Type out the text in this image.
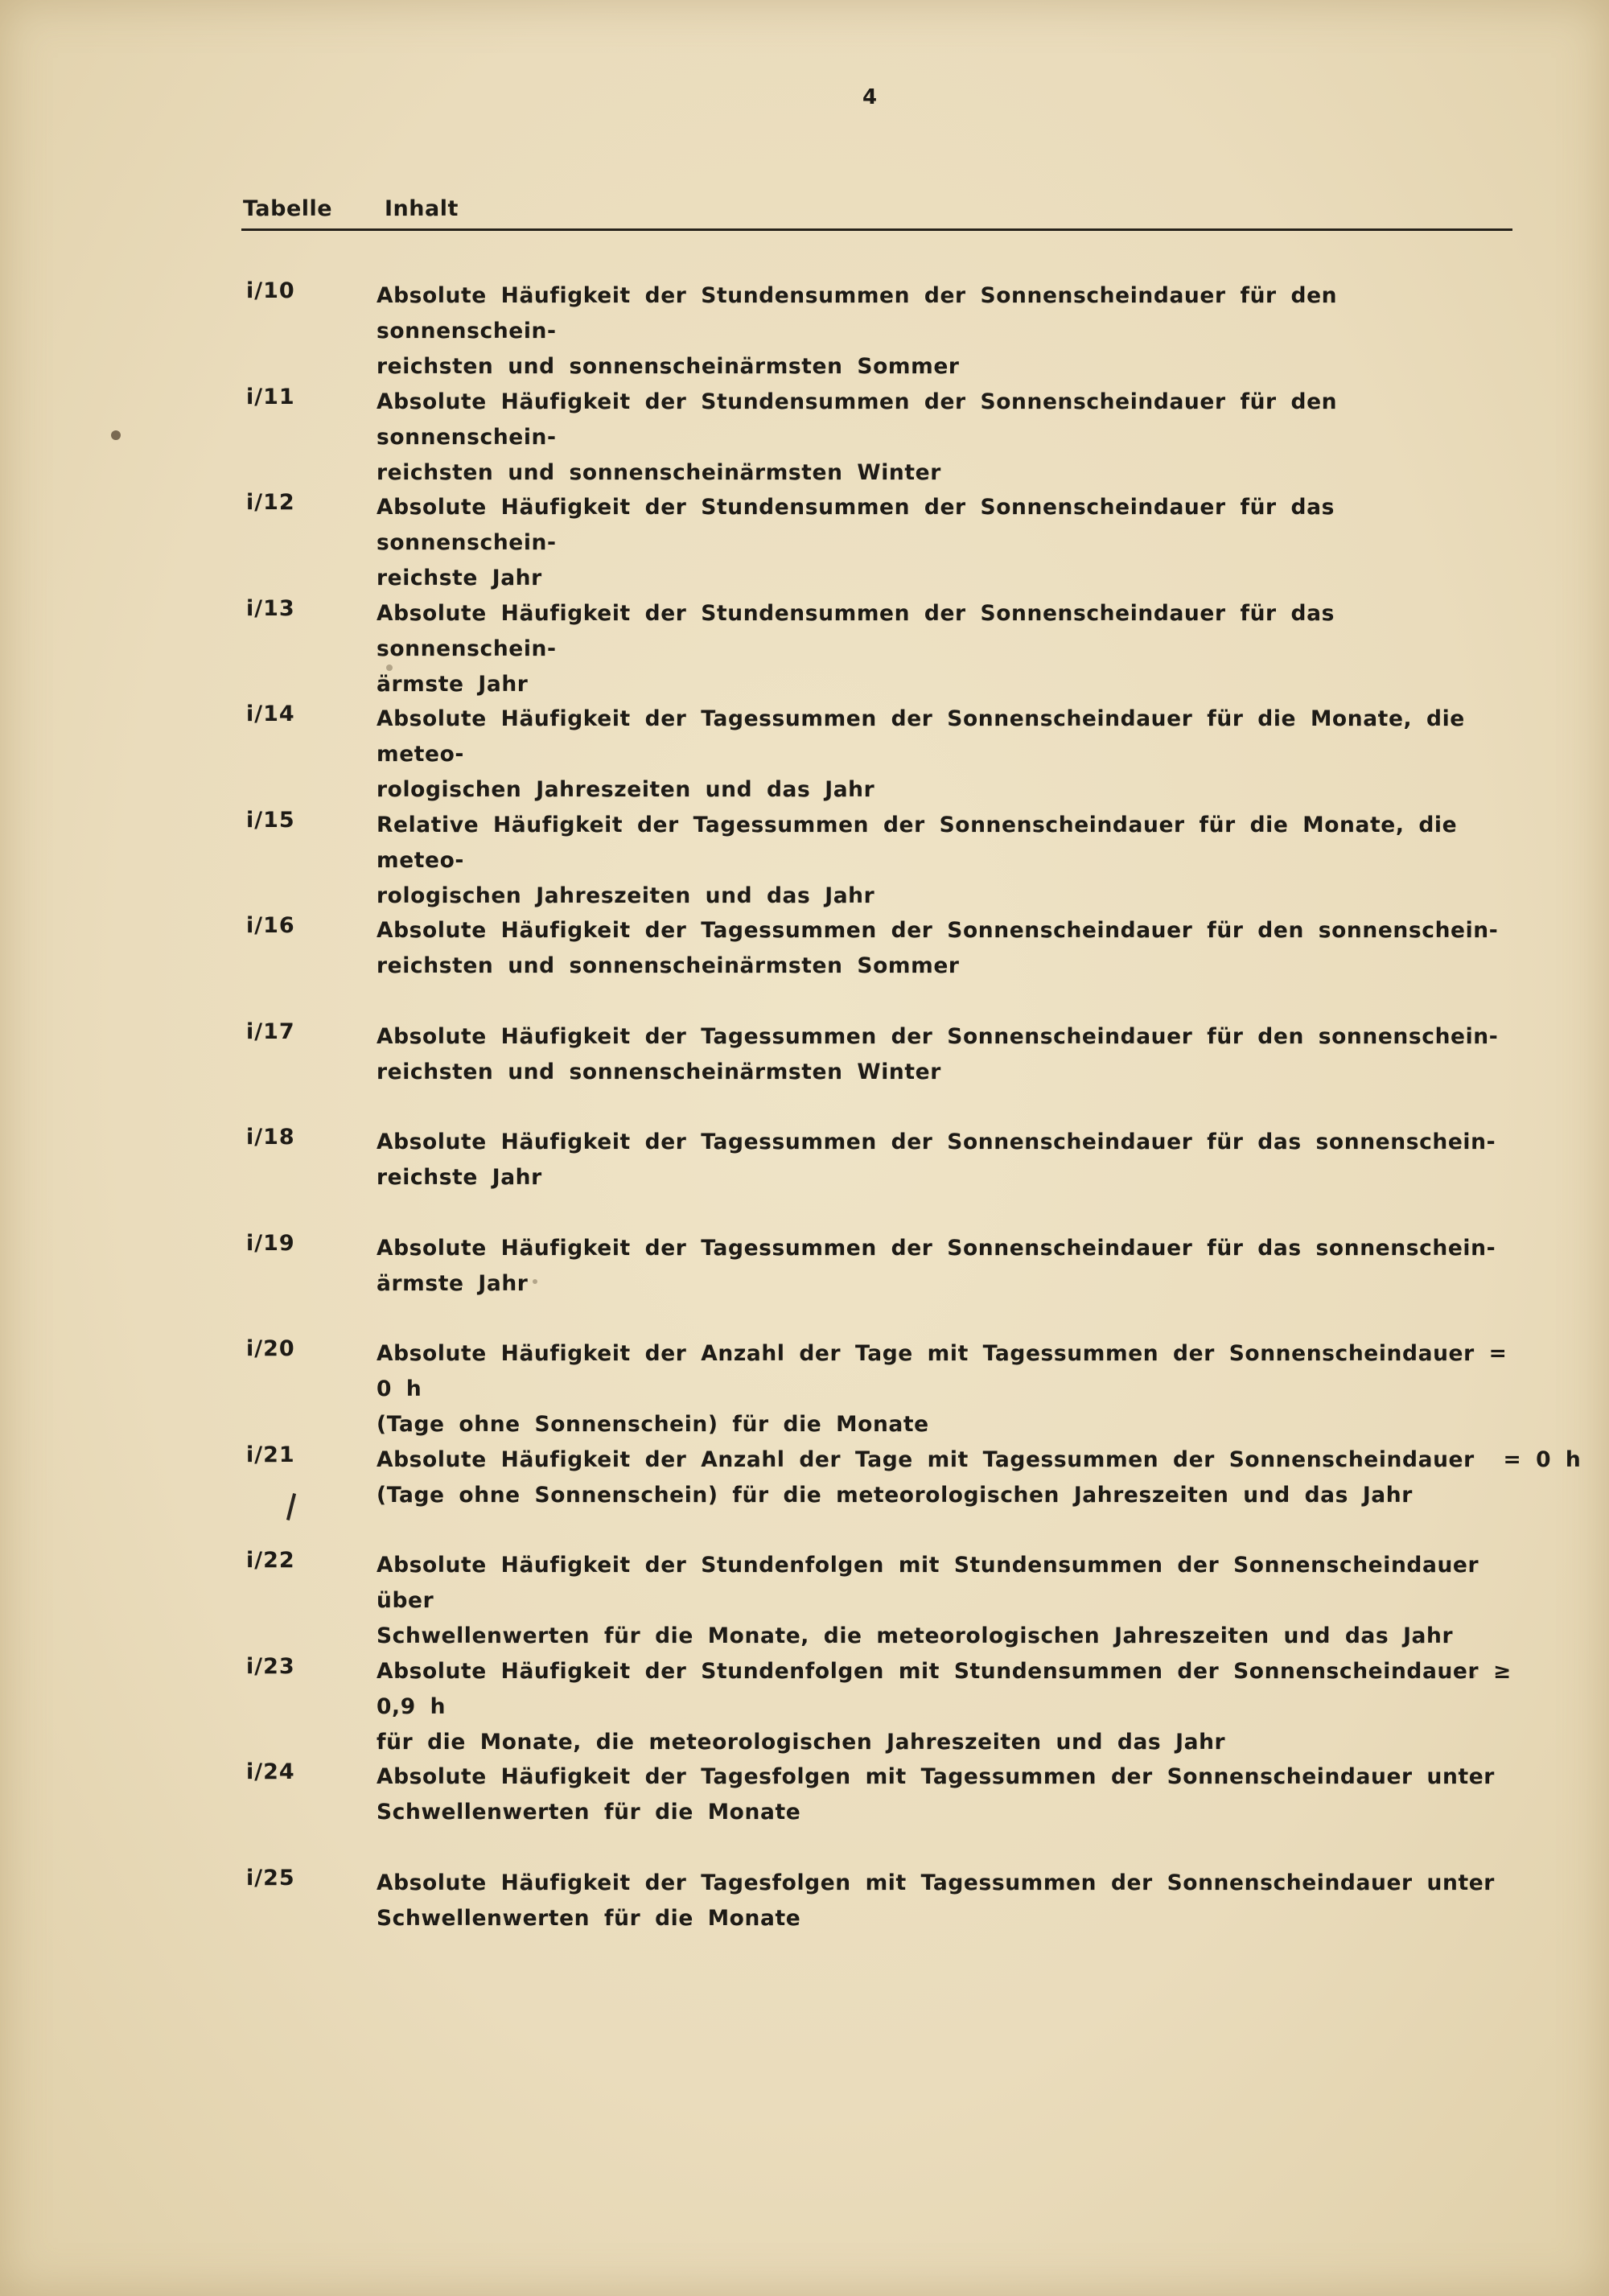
4
Tabelle Inhalt
i/10	Absolute Häufigkeit der Stundensummen der Sonnenscheindauer für den sonnenschein-
reichsten und sonnenscheinärmsten Sommer
i/11	Absolute Häufigkeit der Stundensummen der Sonnenscheindauer für den sonnenschein-
reichsten und sonnenscheinärmsten Winter
i/12	Absolute Häufigkeit der Stundensummen der Sonnenscheindauer für das sonnenschein-
reichste Jahr
i/13	Absolute Häufigkeit der Stundensummen der Sonnenscheindauer für das sonnenschein-
ärmste Jahr
i/14	Absolute Häufigkeit der Tagessummen der Sonnenscheindauer für die Monate, die meteo-
rologischen Jahreszeiten und das Jahr
i/15	Relative Häufigkeit der Tagessummen der Sonnenscheindauer für die Monate, die meteo-
rologischen Jahreszeiten und das Jahr
i/16	Absolute Häufigkeit der Tagessummen der Sonnenscheindauer für den sonnenschein-
reichsten und sonnenscheinärmsten Sommer
i/17	Absolute Häufigkeit der Tagessummen der Sonnenscheindauer für den sonnenschein-
reichsten und sonnenscheinärmsten Winter
i/18	Absolute Häufigkeit der Tagessummen der Sonnenscheindauer für das sonnenschein-
reichste Jahr
i/19	Absolute Häufigkeit der Tagessummen der Sonnenscheindauer für das sonnenschein-
ärmste Jahr
i/20	Absolute Häufigkeit der Anzahl der Tage mit Tagessummen der Sonnenscheindauer = 0 h
(Tage ohne Sonnenschein) für die Monate
i/21	Absolute Häufigkeit der Anzahl der Tage mit Tagessummen der Sonnenscheindauer  = 0 h
(Tage ohne Sonnenschein) für die meteorologischen Jahreszeiten und das Jahr
i/22	Absolute Häufigkeit der Stundenfolgen mit Stundensummen der Sonnenscheindauer über
Schwellenwerten für die Monate, die meteorologischen Jahreszeiten und das Jahr
i/23	Absolute Häufigkeit der Stundenfolgen mit Stundensummen der Sonnenscheindauer ≥ 0,9 h
für die Monate, die meteorologischen Jahreszeiten und das Jahr
i/24	Absolute Häufigkeit der Tagesfolgen mit Tagessummen der Sonnenscheindauer unter
Schwellenwerten für die Monate
i/25	Absolute Häufigkeit der Tagesfolgen mit Tagessummen der Sonnenscheindauer unter
Schwellenwerten für die Monate
